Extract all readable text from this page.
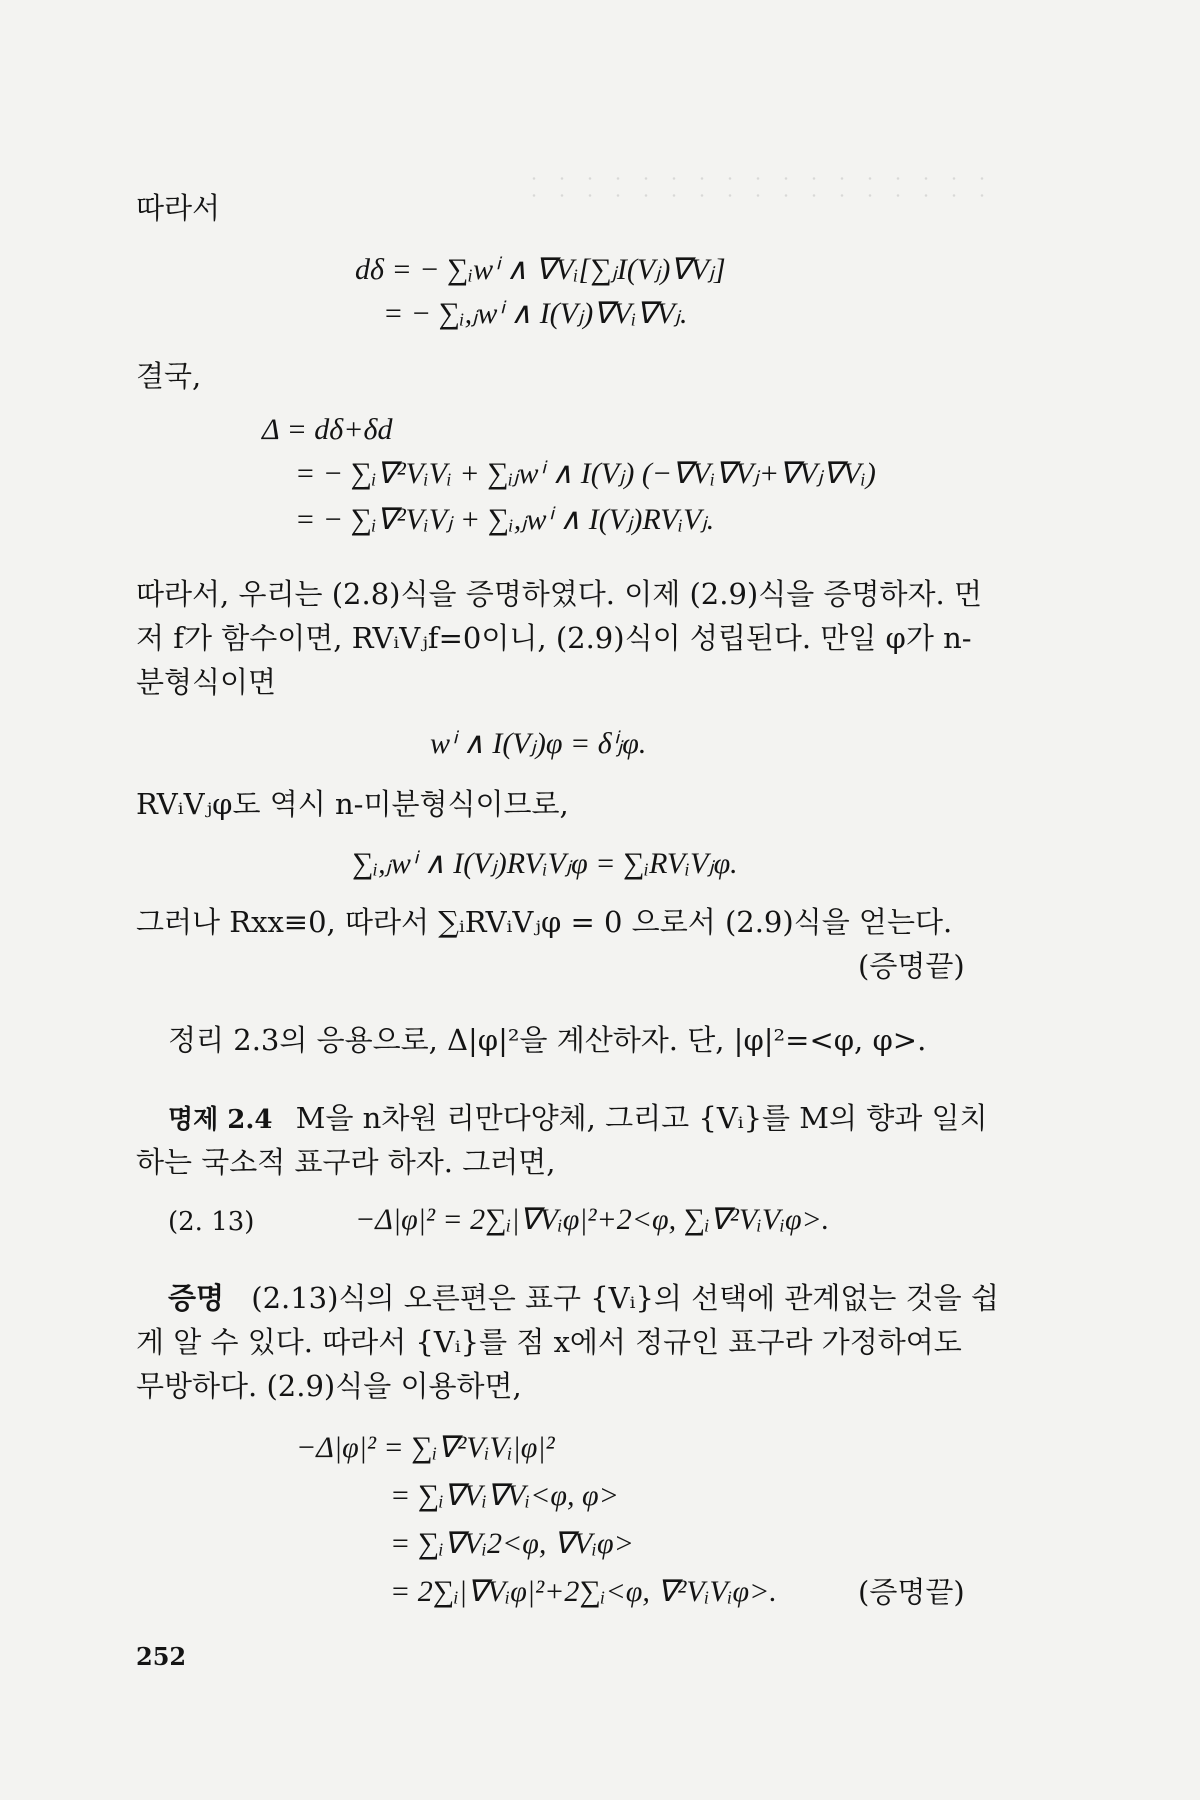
따라서
dδ = − ∑ᵢwⁱ ∧ ∇Vᵢ[∑ⱼI(Vⱼ)∇Vⱼ]
= − ∑ᵢ,ⱼwⁱ ∧ I(Vⱼ)∇Vᵢ∇Vⱼ.
결국,
Δ = dδ+δd
= − ∑ᵢ∇²VᵢVᵢ + ∑ᵢⱼwⁱ ∧ I(Vⱼ) (−∇Vᵢ∇Vⱼ+∇Vⱼ∇Vᵢ)
= − ∑ᵢ∇²VᵢVⱼ + ∑ᵢ,ⱼwⁱ ∧ I(Vⱼ)RVᵢVⱼ.
따라서, 우리는 (2.8)식을 증명하였다. 이제 (2.9)식을 증명하자. 먼
저 f가 함수이면, RVᵢVⱼf=0이니, (2.9)식이 성립된다. 만일 φ가 n-
분형식이면
wⁱ ∧ I(Vⱼ)φ = δⁱⱼφ.
RVᵢVⱼφ도 역시 n-미분형식이므로,
∑ᵢ,ⱼwⁱ ∧ I(Vⱼ)RVᵢVⱼφ = ∑ᵢRVᵢVⱼφ.
그러나 Rxx≡0, 따라서 ∑ᵢRVᵢVⱼφ = 0 으로서 (2.9)식을 얻는다.
(증명끝)
정리 2.3의 응용으로, Δ|φ|²을 계산하자. 단, |φ|²=<φ, φ>.
명제 2.4 M을 n차원 리만다양체, 그리고 {Vᵢ}를 M의 향과 일치
하는 국소적 표구라 하자. 그러면,
(2. 13)	−Δ|φ|² = 2∑ᵢ|∇Vᵢφ|²+2<φ, ∑ᵢ∇²VᵢVᵢφ>.
증명 (2.13)식의 오른편은 표구 {Vᵢ}의 선택에 관계없는 것을 쉽
게 알 수 있다. 따라서 {Vᵢ}를 점 x에서 정규인 표구라 가정하여도
무방하다. (2.9)식을 이용하면,
−Δ|φ|² = ∑ᵢ∇²VᵢVᵢ|φ|²
= ∑ᵢ∇Vᵢ∇Vᵢ<φ, φ>
= ∑ᵢ∇Vᵢ2<φ, ∇Vᵢφ>
= 2∑ᵢ|∇Vᵢφ|²+2∑ᵢ<φ, ∇²VᵢVᵢφ>.	(증명끝)
252
